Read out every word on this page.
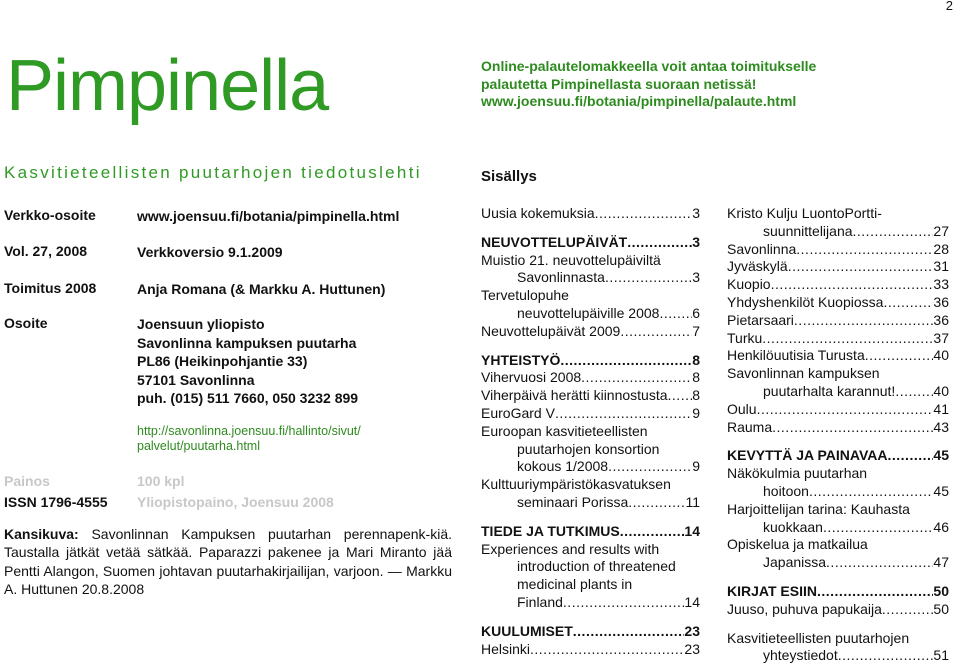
2
Pimpinella
Kasvitieteellisten puutarhojen tiedotuslehti
Online-palautelomakkeella voit antaa toimitukselle
palautetta Pimpinellasta suoraan netissä!
www.joensuu.fi/botania/pimpinella/palaute.html
Verkko-osoite	www.joensuu.fi/botania/pimpinella.html
Vol. 27, 2008	Verkkoversio 9.1.2009
Toimitus 2008	Anja Romana (& Markku A. Huttunen)
Osoite	Joensuun yliopisto
Savonlinna kampuksen puutarha
PL86 (Heikinpohjantie 33)
57101 Savonlinna
puh. (015) 511 7660, 050 3232 899
http://savonlinna.joensuu.fi/hallinto/sivut/
palvelut/puutarha.html
Painos	100 kpl
ISSN 1796-4555 Yliopistopaino, Joensuu 2008
Kansikuva: Savonlinnan Kampuksen puutarhan perennapenk-kiä. Taustalla jätkät vetää sätkää. Paparazzi pakenee ja Mari Miranto jää Pentti Alangon, Suomen johtavan puutarhakirjailijan, varjoon. — Markku A. Huttunen 20.8.2008
Sisällys
Uusia kokemuksia .....	3
NEUVOTTELUPÄIVÄT .....	3
Muistio 21. neuvottelupäiviltä
Savonlinnasta .....	3
Tervetulopuhe
neuvottelupäiville 2008 ..... 6
Neuvottelupäivät 2009 .....	7
YHTEISTYÖ .....	8
Vihervuosi 2008 .....	8
Viherpäivä herätti kiinnostusta ..... 8
EuroGard V .....	9
Euroopan kasvitieteellisten
puutarhojen konsortion
kokous 1/2008 .....	9
Kulttuuriympäristökasvatuksen
seminaari Porissa .....	11
TIEDE JA TUTKIMUS .....	14
Experiences and results with
introduction of threatened
medicinal plants in
Finland .....	14
KUULUMISET .....	23
Helsinki .....	23
Kristo Kulju LuontoPortti-
suunnittelijana .....	27
Savonlinna .....	28
Jyväskylä .....	31
Kuopio .....	33
Yhdyshenkilöt Kuopiossa .....	36
Pietarsaari .....	36
Turku .....	37
Henkilöuutisia Turusta .....	40
Savonlinnan kampuksen
puutarhalta karannut! .....	40
Oulu .....	41
Rauma .....	43
KEVYTTÄ JA PAINAVAA .....	45
Näkökulmia puutarhan
hoitoon .....	45
Harjoittelijan tarina: Kauhasta
kuokkaan .....	46
Opiskelua ja matkailua
Japanissa .....	47
KIRJAT ESIIN .....	50
Juuso, puhuva papukaija .....	50
Kasvitieteellisten puutarhojen
yhteystiedot .....	51
